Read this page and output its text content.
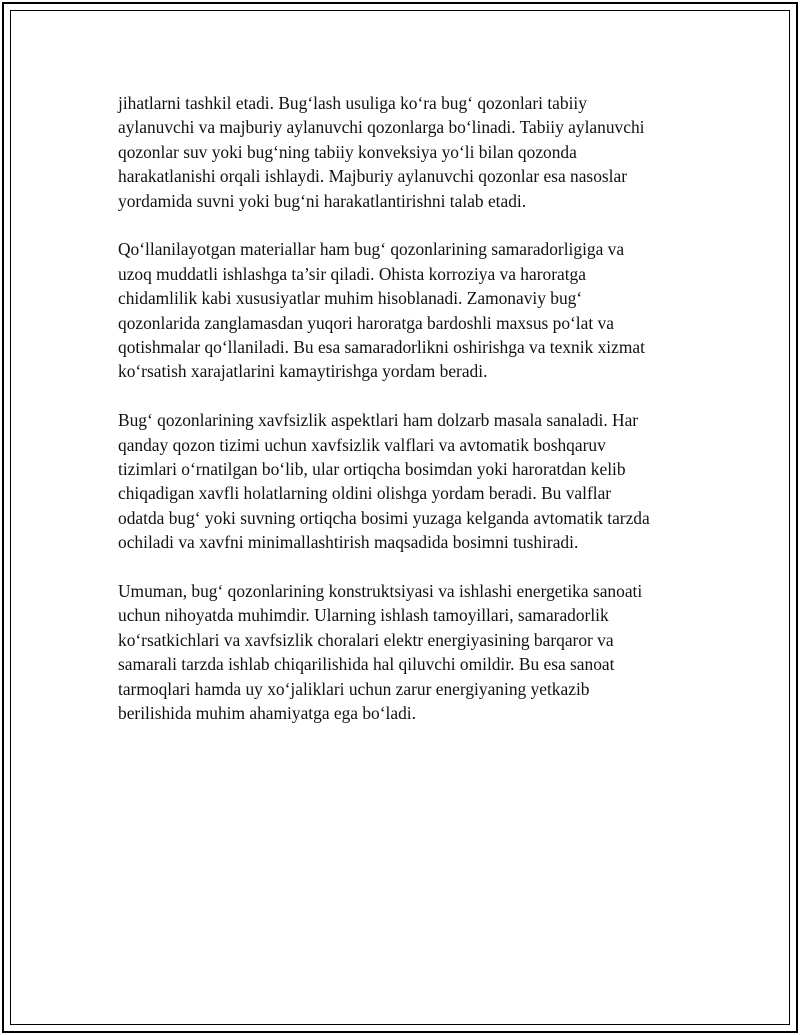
jihatlarni tashkil etadi. Bug‘lash usuliga ko‘ra bug‘ qozonlari tabiiy
aylanuvchi va majburiy aylanuvchi qozonlarga bo‘linadi. Tabiiy aylanuvchi
qozonlar suv yoki bug‘ning tabiiy konveksiya yo‘li bilan qozonda
harakatlanishi orqali ishlaydi. Majburiy aylanuvchi qozonlar esa nasoslar
yordamida suvni yoki bug‘ni harakatlantirishni talab etadi.

Qo‘llanilayotgan materiallar ham bug‘ qozonlarining samaradorligiga va
uzoq muddatli ishlashga ta’sir qiladi. Ohista korroziya va haroratga
chidamlilik kabi xususiyatlar muhim hisoblanadi. Zamonaviy bug‘
qozonlarida zanglamasdan yuqori haroratga bardoshli maxsus po‘lat va
qotishmalar qo‘llaniladi. Bu esa samaradorlikni oshirishga va texnik xizmat
ko‘rsatish xarajatlarini kamaytirishga yordam beradi.

Bug‘ qozonlarining xavfsizlik aspektlari ham dolzarb masala sanaladi. Har
qanday qozon tizimi uchun xavfsizlik valflari va avtomatik boshqaruv
tizimlari o‘rnatilgan bo‘lib, ular ortiqcha bosimdan yoki haroratdan kelib
chiqadigan xavfli holatlarning oldini olishga yordam beradi. Bu valflar
odatda bug‘ yoki suvning ortiqcha bosimi yuzaga kelganda avtomatik tarzda
ochiladi va xavfni minimallashtirish maqsadida bosimni tushiradi.

Umuman, bug‘ qozonlarining konstruktsiyasi va ishlashi energetika sanoati
uchun nihoyatda muhimdir. Ularning ishlash tamoyillari, samaradorlik
ko‘rsatkichlari va xavfsizlik choralari elektr energiyasining barqaror va
samarali tarzda ishlab chiqarilishida hal qiluvchi omildir. Bu esa sanoat
tarmoqlari hamda uy xo‘jaliklari uchun zarur energiyaning yetkazib
berilishida muhim ahamiyatga ega bo‘ladi.
